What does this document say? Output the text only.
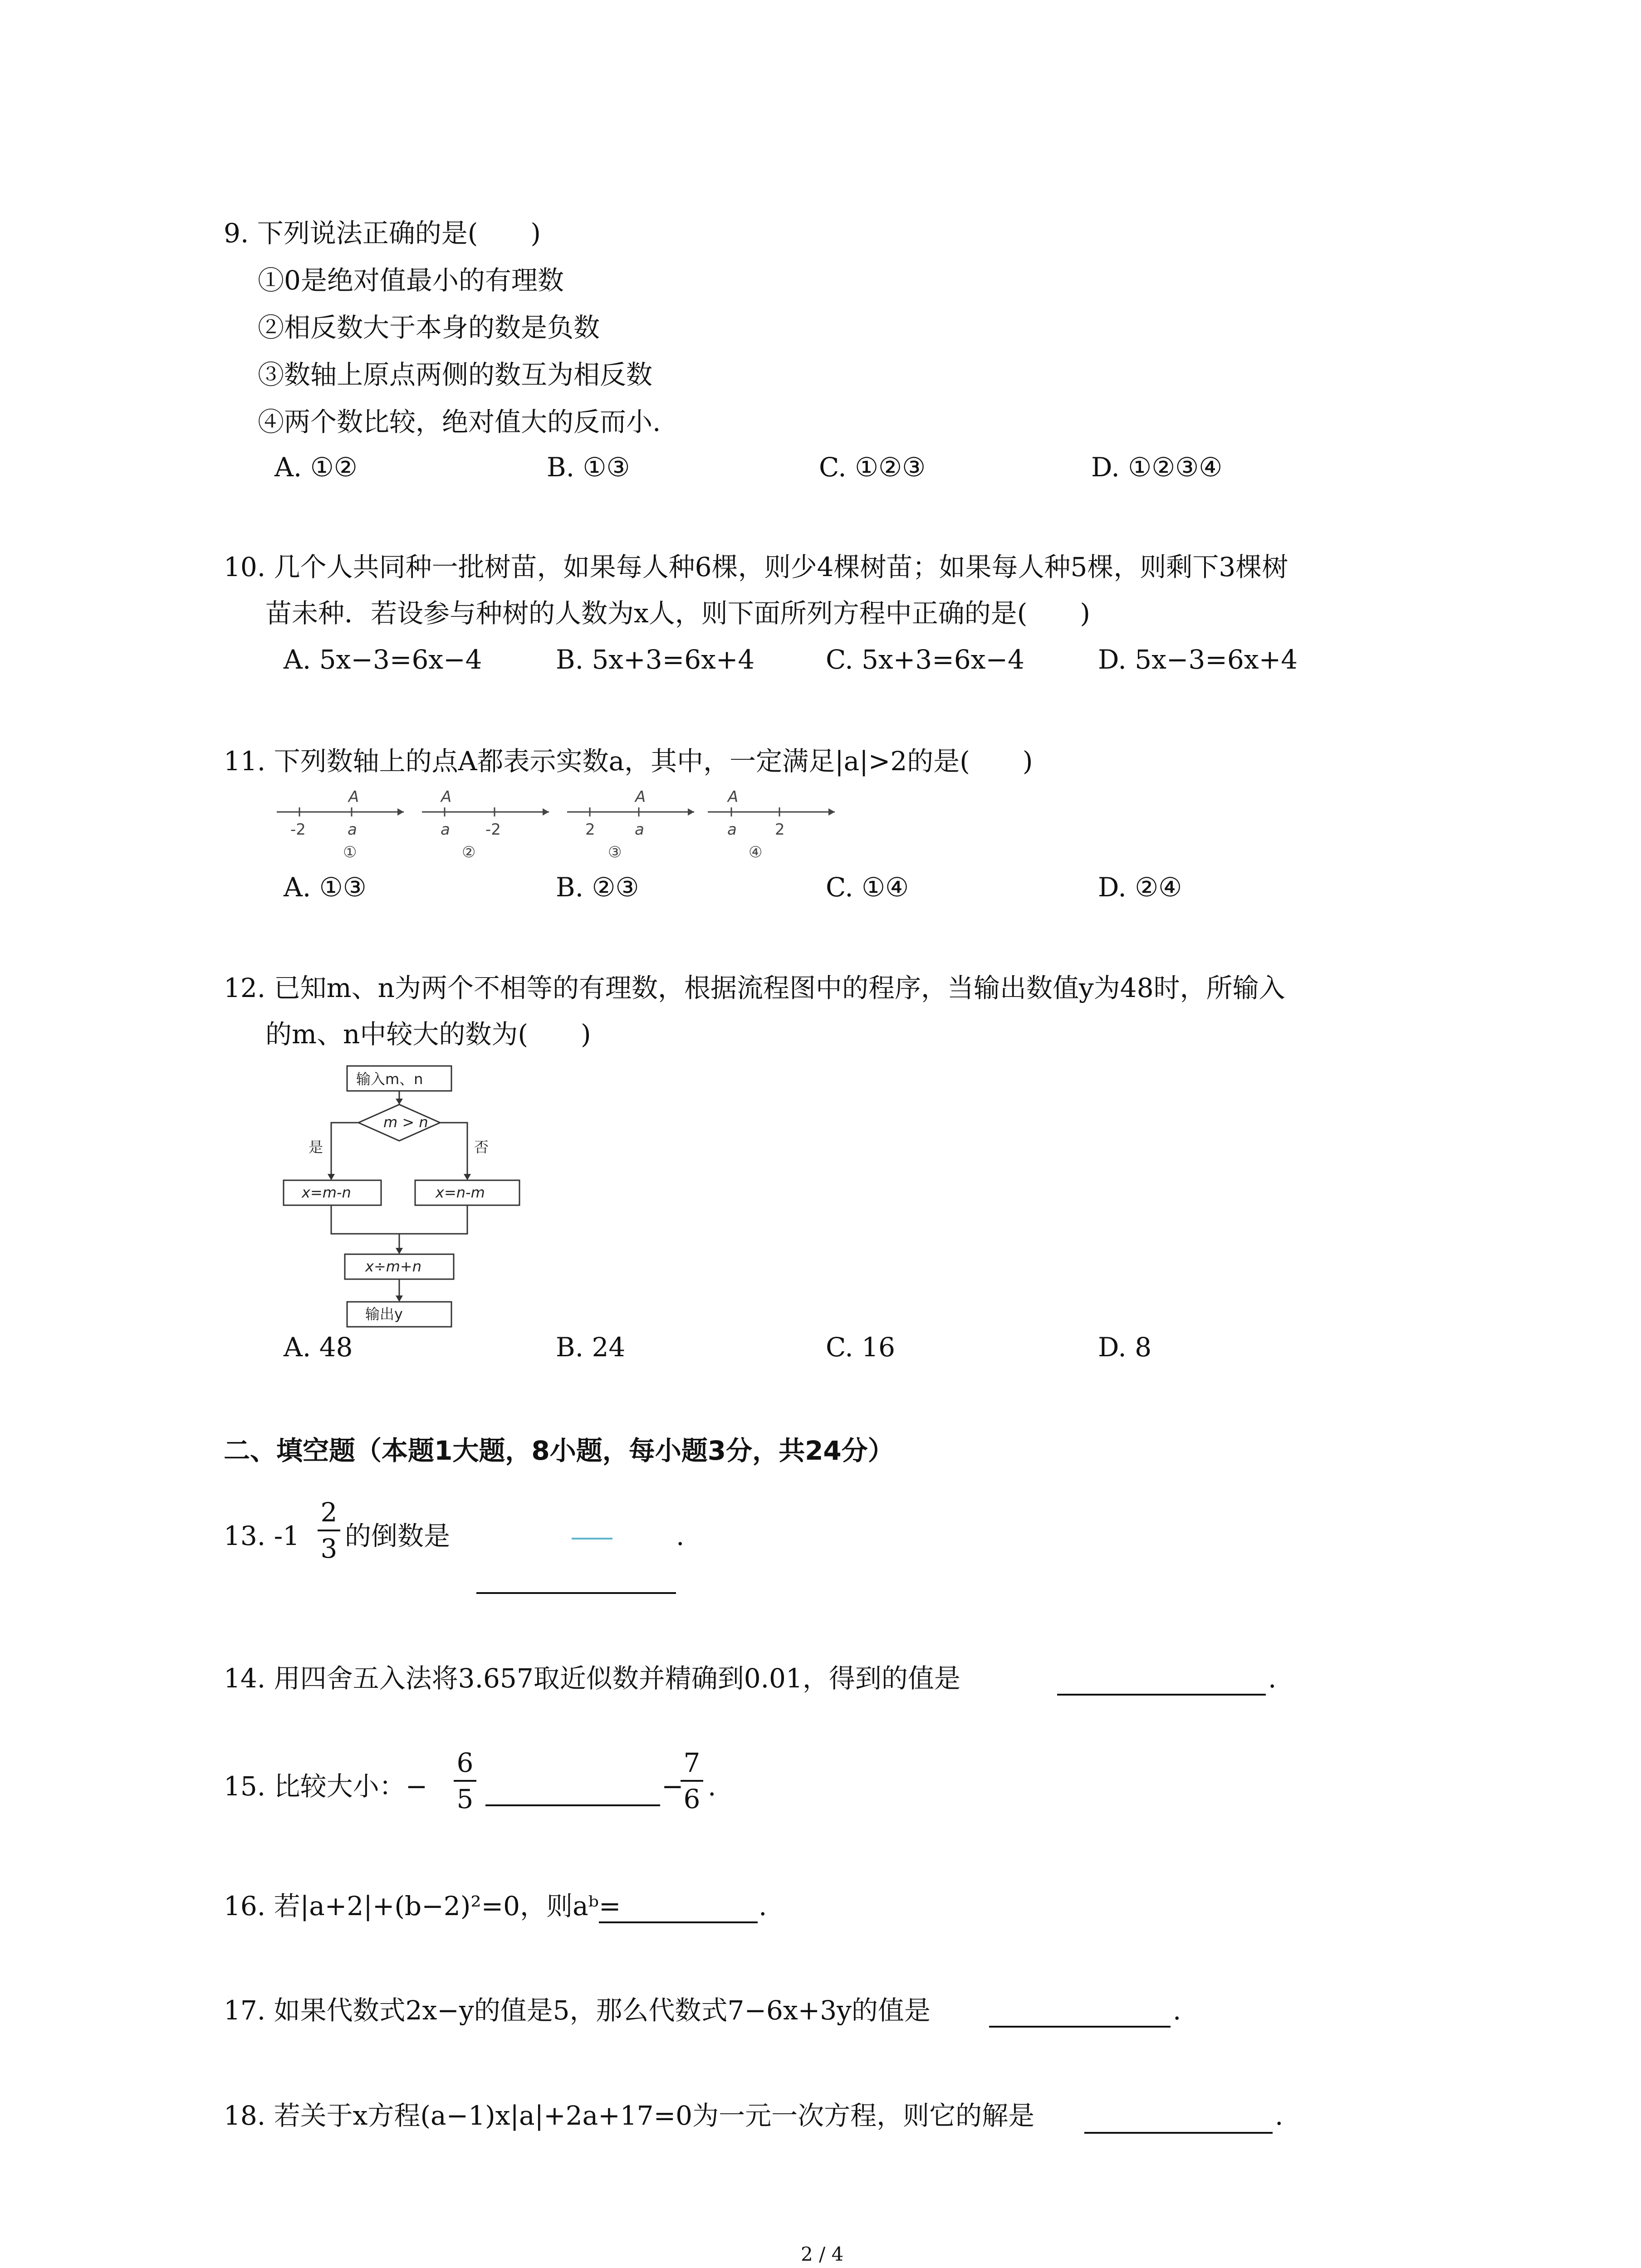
9. 下列说法正确的是(　　)
①0是绝对值最小的有理数
②相反数大于本身的数是负数
③数轴上原点两侧的数互为相反数
④两个数比较，绝对值大的反而小.
A. ①②	B. ①③	C. ①②③	D. ①②③④
10. 几个人共同种一批树苗，如果每人种6棵，则少4棵树苗；如果每人种5棵，则剩下3棵树
苗未种．若设参与种树的人数为x人，则下面所列方程中正确的是(　　)
A. 5x−3=6x−4	B. 5x+3=6x+4	C. 5x+3=6x−4	D. 5x−3=6x+4
11. 下列数轴上的点A都表示实数a，其中，一定满足|a|>2的是(　　)
A
-2	a
①
A
a -2
②
A
2	a
③
A
a 2
④
A. ①③	B. ②③	C. ①④	D. ②④
12. 已知m、n为两个不相等的有理数，根据流程图中的程序，当输出数值y为48时，所输入
的m、n中较大的数为(　　)
输入m、n
m > n
是	否
x=m-n	x=n-m
x÷m+n
输出y
A. 48	B. 24	C. 16	D. 8
二、填空题（本题1大题，8小题，每小题3分，共24分）
13. -1
2
3 的倒数是	.
14. 用四舍五入法将3.657取近似数并精确到0.01，得到的值是	.
15. 比较大小：−
6
5	−
7
6 .
16. 若|a+2|+(b−2)²=0，则aᵇ=	.
17. 如果代数式2x−y的值是5，那么代数式7−6x+3y的值是	.
18. 若关于x方程(a−1)x|a|+2a+17=0为一元一次方程，则它的解是	.
2 / 4
